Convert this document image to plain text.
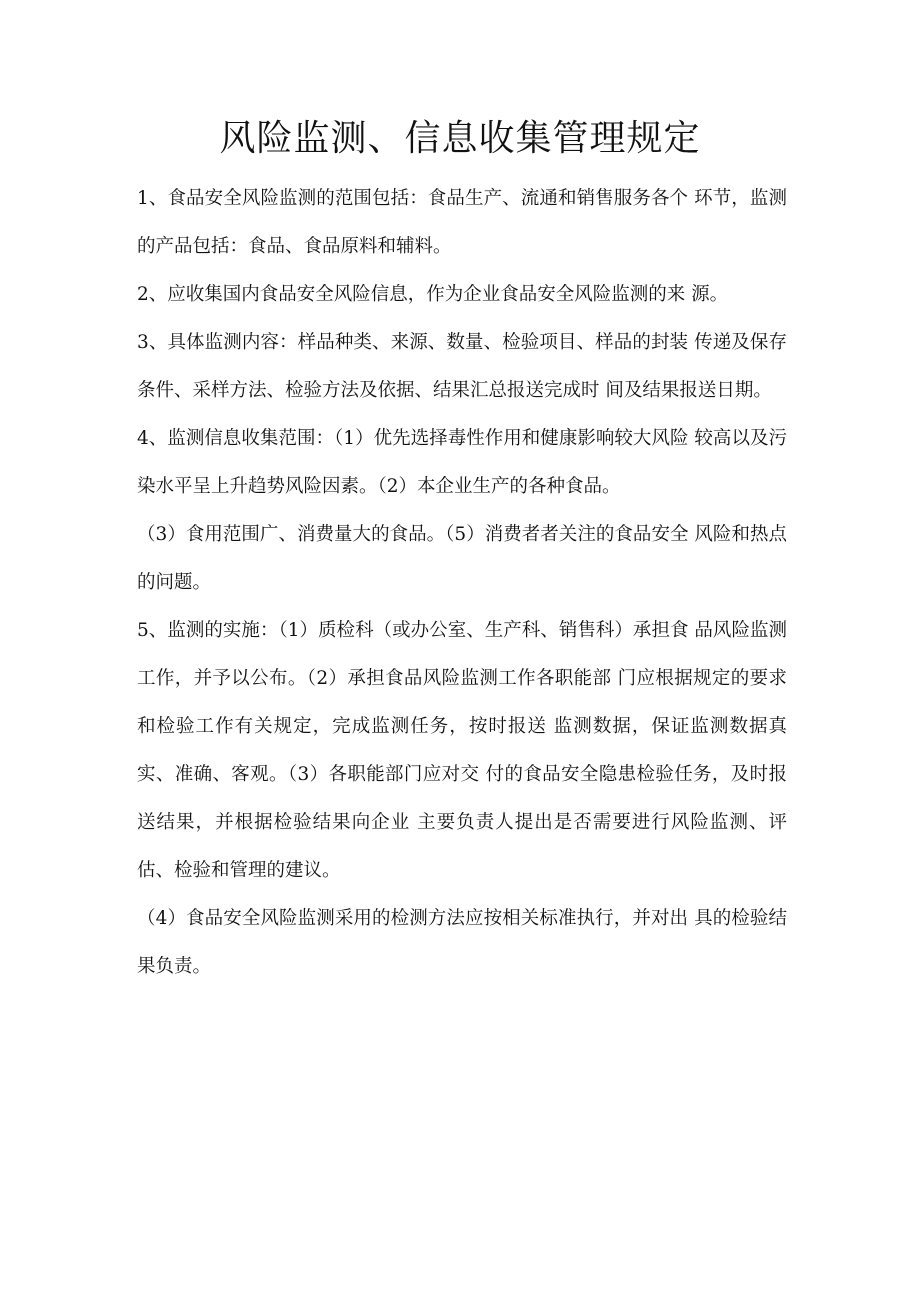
风险监测、信息收集管理规定

1、食品安全风险监测的范围包括：食品生产、流通和销售服务各个 环节，监测的产品包括：食品、食品原料和辅料。

2、应收集国内食品安全风险信息，作为企业食品安全风险监测的来 源。

3、具体监测内容：样品种类、来源、数量、检验项目、样品的封装 传递及保存条件、采样方法、检验方法及依据、结果汇总报送完成时 间及结果报送日期。

4、监测信息收集范围：（1）优先选择毒性作用和健康影响较大风险 较高以及污染水平呈上升趋势风险因素。（2）本企业生产的各种食品。

（3）食用范围广、消费量大的食品。（5）消费者者关注的食品安全 风险和热点的问题。

5、监测的实施：（1）质检科（或办公室、生产科、销售科）承担食 品风险监测工作，并予以公布。（2）承担食品风险监测工作各职能部 门应根据规定的要求和检验工作有关规定，完成监测任务，按时报送 监测数据，保证监测数据真实、准确、客观。（3）各职能部门应对交 付的食品安全隐患检验任务，及时报送结果，并根据检验结果向企业 主要负责人提出是否需要进行风险监测、评估、检验和管理的建议。

（4）食品安全风险监测采用的检测方法应按相关标准执行，并对出 具的检验结果负责。
